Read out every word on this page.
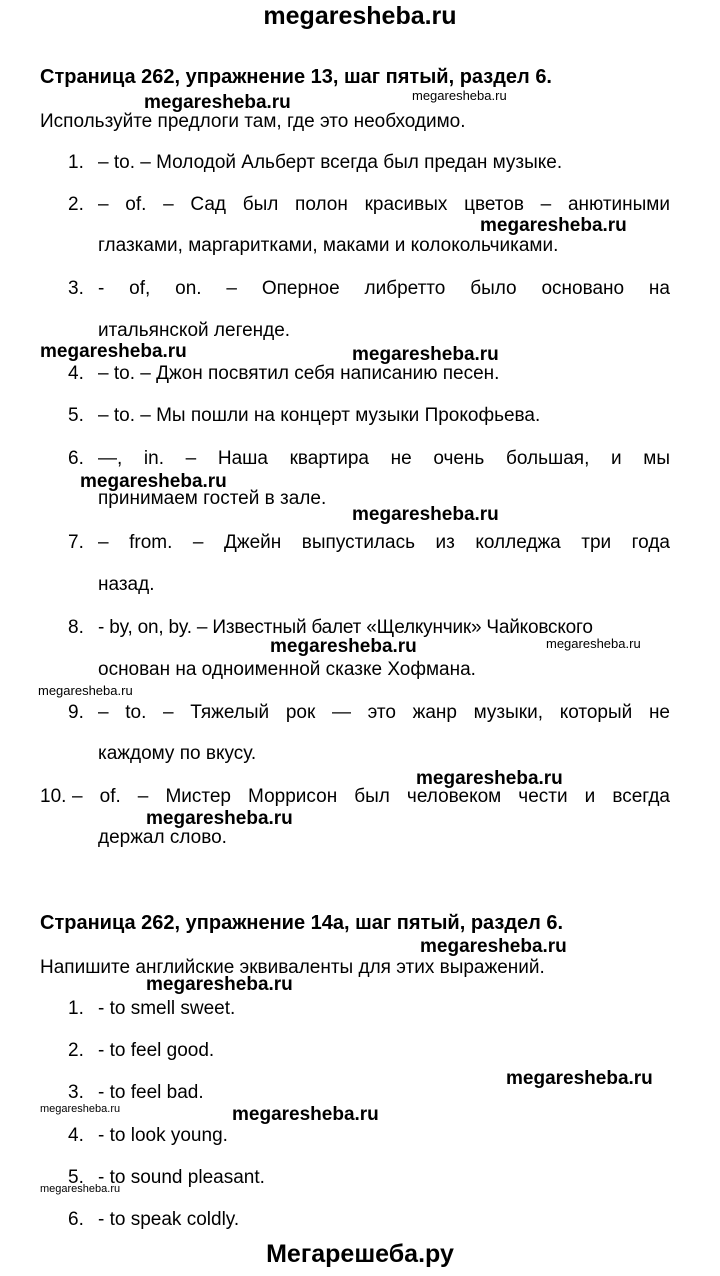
megaresheba.ru
Страница 262, упражнение 13, шаг пятый, раздел 6.
Используйте предлоги там, где это необходимо.
1. – to. – Молодой Альберт всегда был предан музыке.
2. – of. – Сад был полон красивых цветов – анютиными
глазками, маргаритками, маками и колокольчиками.
3. - of, on. – Оперное либретто было основано на
итальянской легенде.
4. – to. – Джон посвятил себя написанию песен.
5. – to. – Мы пошли на концерт музыки Прокофьева.
6. —, in. – Наша квартира не очень большая, и мы
принимаем гостей в зале.
7. – from. – Джейн выпустилась из колледжа три года
назад.
8. - by, on, by. – Известный балет «Щелкунчик» Чайковского
основан на одноименной сказке Хофмана.
9. – to. – Тяжелый рок — это жанр музыки, который не
каждому по вкусу.
10. – of. – Мистер Моррисон был человеком чести и всегда
держал слово.
Страница 262, упражнение 14а, шаг пятый, раздел 6.
Напишите английские эквиваленты для этих выражений.
1. - to smell sweet.
2. - to feel good.
3. - to feel bad.
4. - to look young.
5. - to sound pleasant.
6. - to speak coldly.
megaresheba.ru	megaresheba.ru
megaresheba.ru
megaresheba.ru	megaresheba.ru
megaresheba.ru
megaresheba.ru
megaresheba.ru	megaresheba.ru
megaresheba.ru
megaresheba.ru
megaresheba.ru
megaresheba.ru
megaresheba.ru
megaresheba.ru
megaresheba.ru	megaresheba.ru
megaresheba.ru
Мегарешеба.ру
